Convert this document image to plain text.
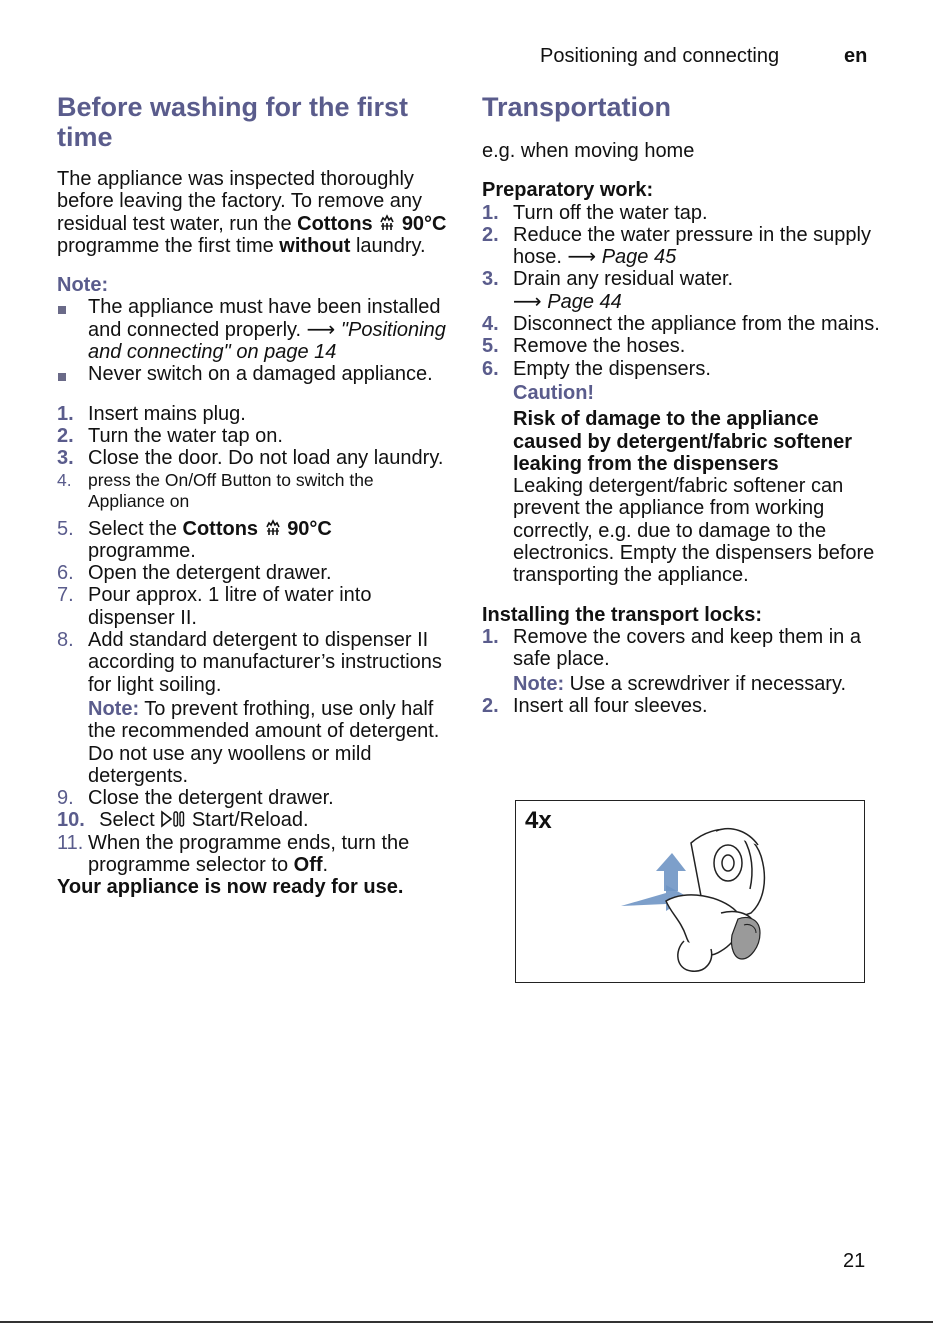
Positioning and connecting	en
Before washing for the first time

The appliance was inspected thoroughly before leaving the factory. To remove any residual test water, run the Cottons 90°C programme the first time without laundry.

Note:

The appliance must have been installed and connected properly. ⟶ "Positioning and connecting" on page 14
Never switch on a damaged appliance.
1. Insert mains plug.
2. Turn the water tap on.
3. Close the door. Do not load any laundry.
4. press the On/Off Button to switch the Appliance on
5. Select the Cottons 90°C
programme.
6. Open the detergent drawer.
7. Pour approx. 1 litre of water into dispenser II.
8. Add standard detergent to dispenser II according to manufacturer’s instructions for light soiling.

Note: To prevent frothing, use only half the recommended amount of detergent. Do not use any woollens or mild detergents.

9. Close the detergent drawer.
10. Select  Start/Reload.
11. When the programme ends, turn the programme selector to Off.

Your appliance is now ready for use.

Transportation

e.g. when moving home

Preparatory work:

1. Turn off the water tap.
2. Reduce the water pressure in the supply hose. ⟶ Page 45
3. Drain any residual water.
⟶ Page 44
4. Disconnect the appliance from the mains.
5. Remove the hoses.
6. Empty the dispensers.

Caution!

Risk of damage to the appliance caused by detergent/fabric softener leaking from the dispensers

Leaking detergent/fabric softener can prevent the appliance from working correctly, e.g. due to damage to the electronics. Empty the dispensers before transporting the appliance.

Installing the transport locks:

1. Remove the covers and keep them in a safe place.

Note: Use a screwdriver if necessary.

2. Insert all four sleeves.
4x
21
